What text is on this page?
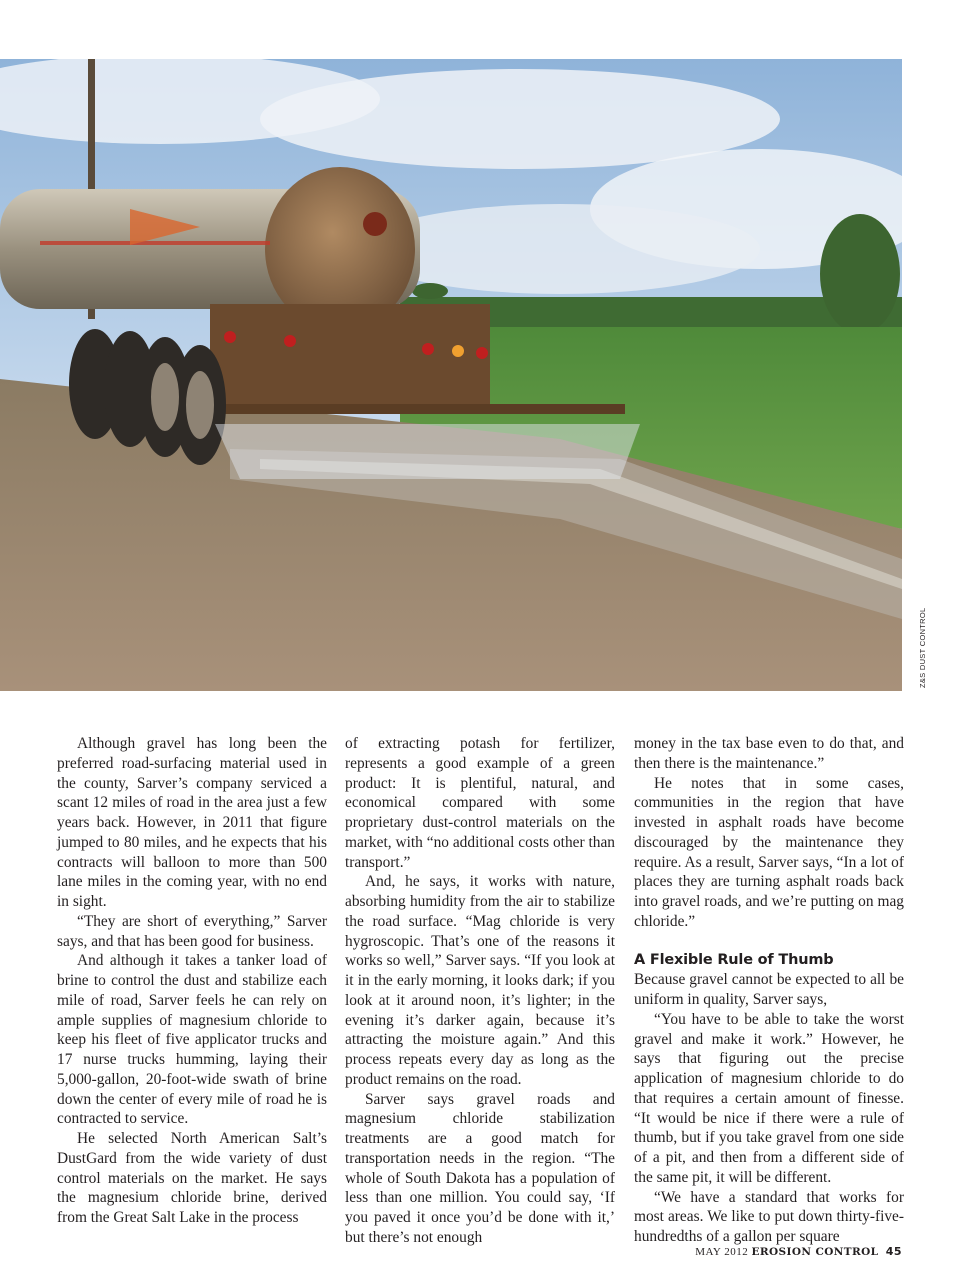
Z&S DUST CONTROL

Although gravel has long been the preferred road-surfacing material used in the county, Sarver’s company serviced a scant 12 miles of road in the area just a few years back. However, in 2011 that figure jumped to 80 miles, and he expects that his contracts will balloon to more than 500 lane miles in the coming year, with no end in sight.

“They are short of everything,” Sarver says, and that has been good for business.

And although it takes a tanker load of brine to control the dust and stabilize each mile of road, Sarver feels he can rely on ample supplies of magnesium chloride to keep his fleet of five applicator trucks and 17 nurse trucks humming, laying their 5,000-gallon, 20-foot-wide swath of brine down the center of every mile of road he is contracted to service.

He selected North American Salt’s DustGard from the wide variety of dust control materials on the market. He says the magnesium chloride brine, derived from the Great Salt Lake in the process

of extracting potash for fertilizer, represents a good example of a green product: It is plentiful, natural, and economical compared with some proprietary dust-control materials on the market, with “no additional costs other than transport.”

And, he says, it works with nature, absorbing humidity from the air to stabilize the road surface. “Mag chloride is very hygroscopic. That’s one of the reasons it works so well,” Sarver says. “If you look at it in the early morning, it looks dark; if you look at it around noon, it’s lighter; in the evening it’s darker again, because it’s attracting the moisture again.” And this process repeats every day as long as the product remains on the road.

Sarver says gravel roads and magnesium chloride stabilization treatments are a good match for transportation needs in the region. “The whole of South Dakota has a population of less than one million. You could say, ‘If you paved it once you’d be done with it,’ but there’s not enough

money in the tax base even to do that, and then there is the maintenance.”

He notes that in some cases, communities in the region that have invested in asphalt roads have become discouraged by the maintenance they require. As a result, Sarver says, “In a lot of places they are turning asphalt roads back into gravel roads, and we’re putting on mag chloride.”

A Flexible Rule of Thumb

Because gravel cannot be expected to all be uniform in quality, Sarver says,

“You have to be able to take the worst gravel and make it work.” However, he says that figuring out the precise application of magnesium chloride to do that requires a certain amount of finesse. “It would be nice if there were a rule of thumb, but if you take gravel from one side of a pit, and then from a different side of the same pit, it will be different.

“We have a standard that works for most areas. We like to put down thirty-five-hundredths of a gallon per square

MAY 2012 EROSION CONTROL 45
